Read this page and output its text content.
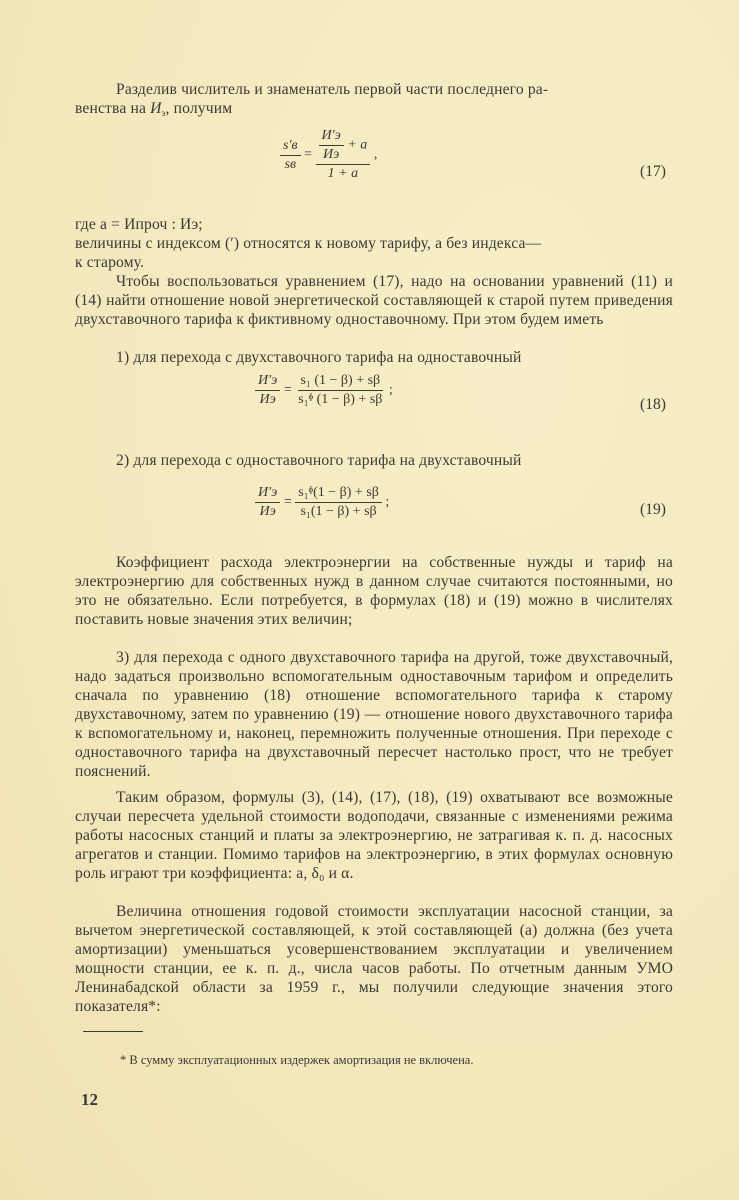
Разделив числитель и знаменатель первой части последнего ра-
венства на $И_э$, получим

$\frac{s'в}{sв} = \frac{\frac{И'э}{Иэ} + a}{1 + a}$ ,
(17)
где a = Ипроч : Иэ;
величины с индексом (′) относятся к новому тарифу, а без индекса—
к старому.

Чтобы воспользоваться уравнением (17), надо на основании уравнений (11) и (14) найти отношение новой энергетической составляющей к старой путем приведения двухставочного тарифа к фиктивному одноставочному. При этом будем иметь

1) для перехода с двухставочного тарифа на одноставочный

$\frac{И'э}{Иэ} = \frac{\text{s₁ (1 − β) + sβ}}{\text{s₁ᶲ (1 − β) + sβ}}$ ;
(18)

2) для перехода с одноставочного тарифа на двухставочный

$\frac{И'э}{Иэ} = \frac{\text{s₁ᶲ(1 − β) + sβ}}{\text{s₁(1 − β) + sβ}}$ ;	(19)

Коэффициент расхода электроэнергии на собственные нужды и тариф на электроэнергию для собственных нужд в данном случае считаются постоянными, но это не обязательно. Если потребуется, в формулах (18) и (19) можно в числителях поставить новые значения этих величин;

3) для перехода с одного двухставочного тарифа на другой, тоже двухставочный, надо задаться произвольно вспомогательным одноставочным тарифом и определить сначала по уравнению (18) отношение вспомогательного тарифа к старому двухставочному, затем по уравнению (19) — отношение нового двухставочного тарифа к вспомогательному и, наконец, перемножить полученные отношения. При переходе с одноставочного тарифа на двухставочный пересчет настолько прост, что не требует пояснений.

Таким образом, формулы (3), (14), (17), (18), (19) охватывают все возможные случаи пересчета удельной стоимости водоподачи, связанные с изменениями режима работы насосных станций и платы за электроэнергию, не затрагивая к. п. д. насосных агрегатов и станции. Помимо тарифов на электроэнергию, в этих формулах основную роль играют три коэффициента: a, δ₀ и α.

Величина отношения годовой стоимости эксплуатации насосной станции, за вычетом энергетической составляющей, к этой составляющей (a) должна (без учета амортизации) уменьшаться усовершенствованием эксплуатации и увеличением мощности станции, ее к. п. д., числа часов работы. По отчетным данным УМО Ленинабадской области за 1959 г., мы получили следующие значения этого показателя*:

* В сумму эксплуатационных издержек амортизация не включена.
12
